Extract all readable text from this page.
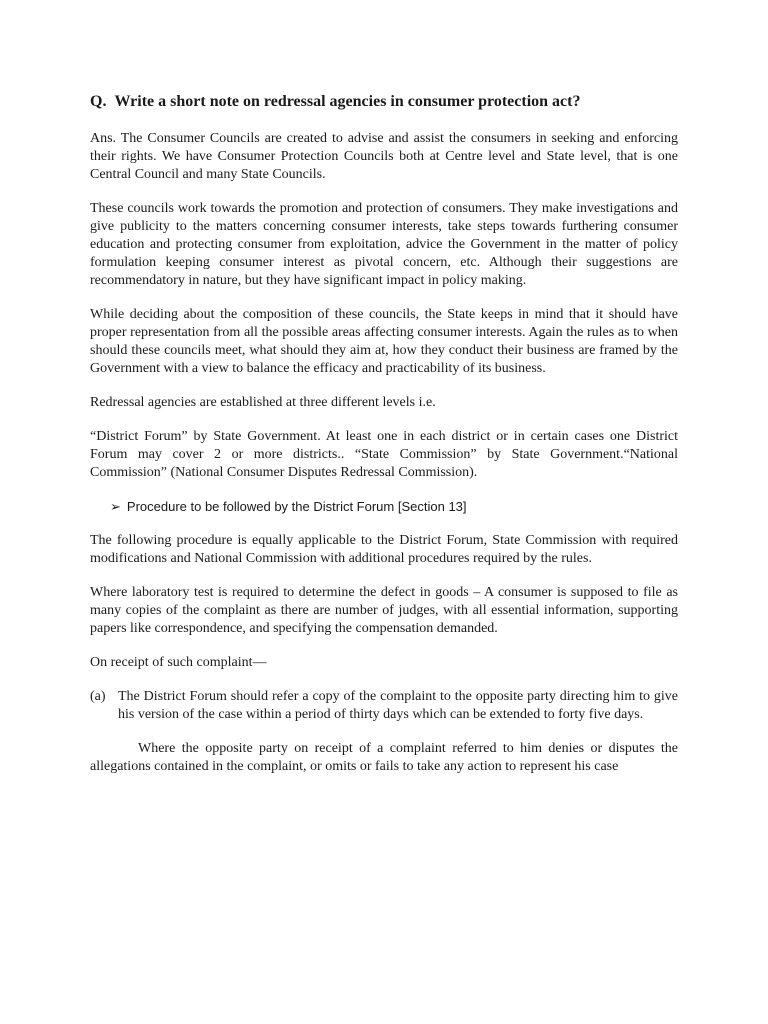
Q. Write a short note on redressal agencies in consumer protection act?

Ans. The Consumer Councils are created to advise and assist the consumers in seeking and enforcing their rights. We have Consumer Protection Councils both at Centre level and State level, that is one Central Council and many State Councils.

These councils work towards the promotion and protection of consumers. They make investigations and give publicity to the matters concerning consumer interests, take steps towards furthering consumer education and protecting consumer from exploitation, advice the Government in the matter of policy formulation keeping consumer interest as pivotal concern, etc. Although their suggestions are recommendatory in nature, but they have significant impact in policy making.

While deciding about the composition of these councils, the State keeps in mind that it should have proper representation from all the possible areas affecting consumer interests. Again the rules as to when should these councils meet, what should they aim at, how they conduct their business are framed by the Government with a view to balance the efficacy and practicability of its business.

Redressal agencies are established at three different levels i.e.

“District Forum” by State Government. At least one in each district or in certain cases one District Forum may cover 2 or more districts.. “State Commission” by State Government.“National Commission” (National Consumer Disputes Redressal Commission).

➢ Procedure to be followed by the District Forum [Section 13]

The following procedure is equally applicable to the District Forum, State Commission with required modifications and National Commission with additional procedures required by the rules.

Where laboratory test is required to determine the defect in goods – A consumer is supposed to file as many copies of the complaint as there are number of judges, with all essential information, supporting papers like correspondence, and specifying the compensation demanded.

On receipt of such complaint—

(a) The District Forum should refer a copy of the complaint to the opposite party directing him to give his version of the case within a period of thirty days which can be extended to forty five days.

Where the opposite party on receipt of a complaint referred to him denies or disputes the allegations contained in the complaint, or omits or fails to take any action to represent his case
